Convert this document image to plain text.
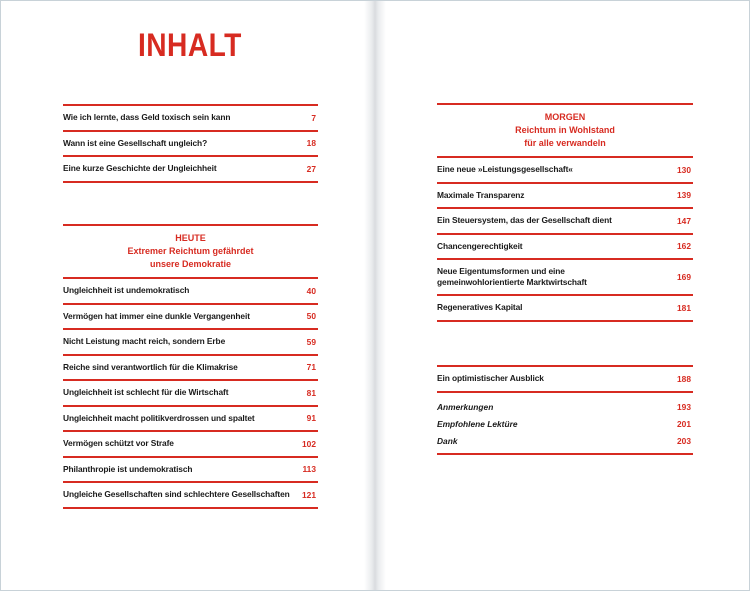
INHALT
Wie ich lernte, dass Geld toxisch sein kann	7
Wann ist eine Gesellschaft ungleich?	18
Eine kurze Geschichte der Ungleichheit	27
HEUTE
Extremer Reichtum gefährdet
unsere Demokratie
Ungleichheit ist undemokratisch	40
Vermögen hat immer eine dunkle Vergangenheit	50
Nicht Leistung macht reich, sondern Erbe	59
Reiche sind verantwortlich für die Klimakrise	71
Ungleichheit ist schlecht für die Wirtschaft	81
Ungleichheit macht politikverdrossen und spaltet	91
Vermögen schützt vor Strafe	102
Philanthropie ist undemokratisch	113
Ungleiche Gesellschaften sind schlechtere Gesellschaften	121
MORGEN
Reichtum in Wohlstand
für alle verwandeln
Eine neue »Leistungsgesellschaft«	130
Maximale Transparenz	139
Ein Steuersystem, das der Gesellschaft dient	147
Chancengerechtigkeit	162
Neue Eigentumsformen und eine gemeinwohlorientierte Marktwirtschaft	169
Regeneratives Kapital	181
Ein optimistischer Ausblick	188
Anmerkungen	193
Empfohlene Lektüre	201
Dank	203
